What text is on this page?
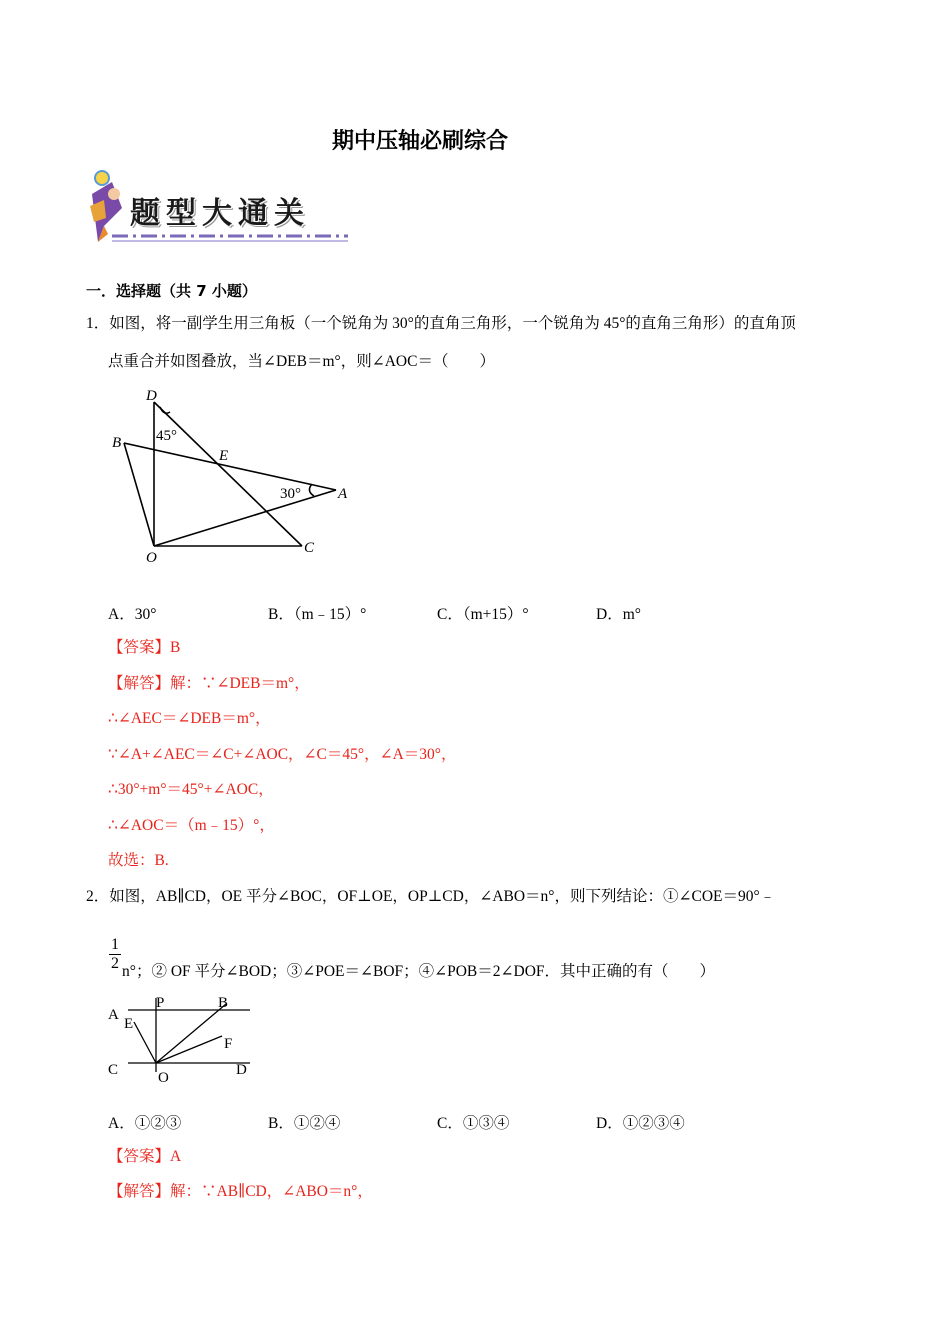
期中压轴必刷综合
题型大通关
一．选择题（共 7 小题）
1．如图，将一副学生用三角板（一个锐角为 30°的直角三角形，一个锐角为 45°的直角三角形）的直角顶
点重合并如图叠放，当∠DEB＝m°，则∠AOC＝（　　）
D
B
E
A
O
C
45°
30°
A．30°	B．（m﹣15）°	C．（m+15）°	D．m°
【答案】B
【解答】解：∵∠DEB＝m°，
∴∠AEC＝∠DEB＝m°，
∵∠A+∠AEC＝∠C+∠AOC，∠C＝45°，∠A＝30°，
∴30°+m°＝45°+∠AOC，
∴∠AOC＝（m﹣15）°，
故选：B.
2．如图，AB∥CD，OE 平分∠BOC，OF⊥OE，OP⊥CD，∠ABO＝n°，则下列结论：①∠COE＝90°﹣
1
2 n°；② OF 平分∠BOD；③∠POE＝∠BOF；④∠POB＝2∠DOF．其中正确的有（　　）
A
P	B
E
F
C	O	D
A．①②③	B．①②④	C．①③④	D．①②③④
【答案】A
【解答】解：∵AB∥CD，∠ABO＝n°，
